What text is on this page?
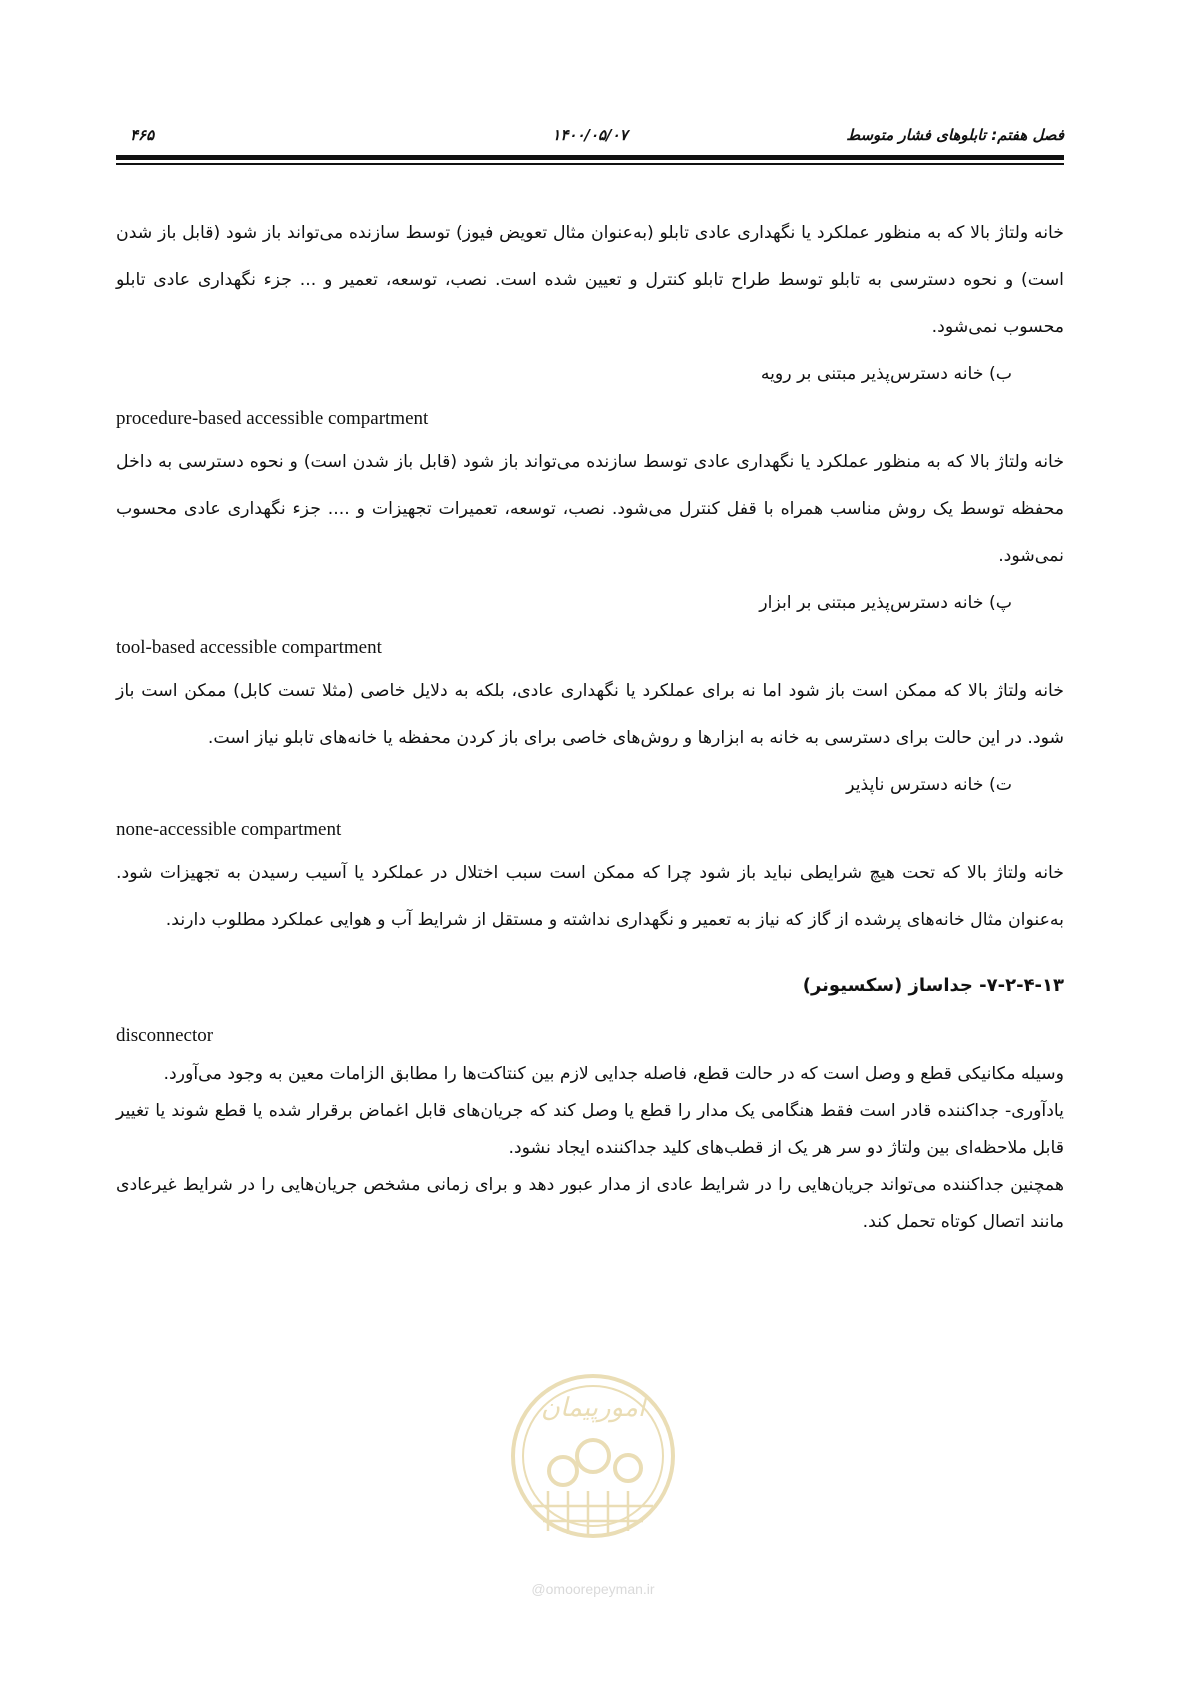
فصل هفتم: تابلوهای فشار متوسط
۱۴۰۰/۰۵/۰۷
۴۶۵

خانه ولتاژ بالا که به منظور عملکرد یا نگهداری عادی تابلو (به‌عنوان مثال تعویض فیوز) توسط سازنده می‌تواند باز شود (قابل باز شدن است) و نحوه دسترسی به تابلو توسط طراح تابلو کنترل و تعیین شده است. نصب، توسعه، تعمیر و ... جزء نگهداری عادی تابلو محسوب نمی‌شود.

ب) خانه دسترس‌پذیر مبتنی بر رویه

procedure-based accessible compartment

خانه ولتاژ بالا که به منظور عملکرد یا نگهداری عادی توسط سازنده می‌تواند باز شود (قابل باز شدن است) و نحوه دسترسی به داخل محفظه توسط یک روش مناسب همراه با قفل کنترل می‌شود. نصب، توسعه، تعمیرات تجهیزات و .... جزء نگهداری عادی محسوب نمی‌شود.

پ) خانه دسترس‌پذیر مبتنی بر ابزار

tool-based accessible compartment

خانه ولتاژ بالا که ممکن است باز شود اما نه برای عملکرد یا نگهداری عادی، بلکه به دلایل خاصی (مثلا تست کابل) ممکن است باز شود. در این حالت برای دسترسی به خانه به ابزارها و روش‌های خاصی برای باز کردن محفظه یا خانه‌های تابلو نیاز است.

ت) خانه دسترس ناپذیر

none-accessible compartment

خانه ولتاژ بالا که تحت هیچ شرایطی نباید باز شود چرا که ممکن است سبب اختلال در عملکرد یا آسیب رسیدن به تجهیزات شود. به‌عنوان مثال خانه‌های پرشده از گاز که نیاز به تعمیر و نگهداری نداشته و مستقل از شرایط آب و هوایی عملکرد مطلوب دارند.

۷-۲-۴-۱۳- جداساز (سکسیونر)

disconnector

وسیله مکانیکی قطع و وصل است که در حالت قطع، فاصله جدایی لازم بین کنتاکت‌ها را مطابق الزامات معین به وجود می‌آورد.

یادآوری- جداکننده قادر است فقط هنگامی یک مدار را قطع یا وصل کند که جریان‌های قابل اغماض برقرار شده یا قطع شوند یا تغییر قابل ملاحظه‌ای بین ولتاژ دو سر هر یک از قطب‌های کلید جداکننده ایجاد نشود.

همچنین جداکننده می‌تواند جریان‌هایی را در شرایط عادی از مدار عبور دهد و برای زمانی مشخص جریان‌هایی را در شرایط غیرعادی مانند اتصال کوتاه تحمل کند.

امورپیمان
@omoorepeyman.ir
